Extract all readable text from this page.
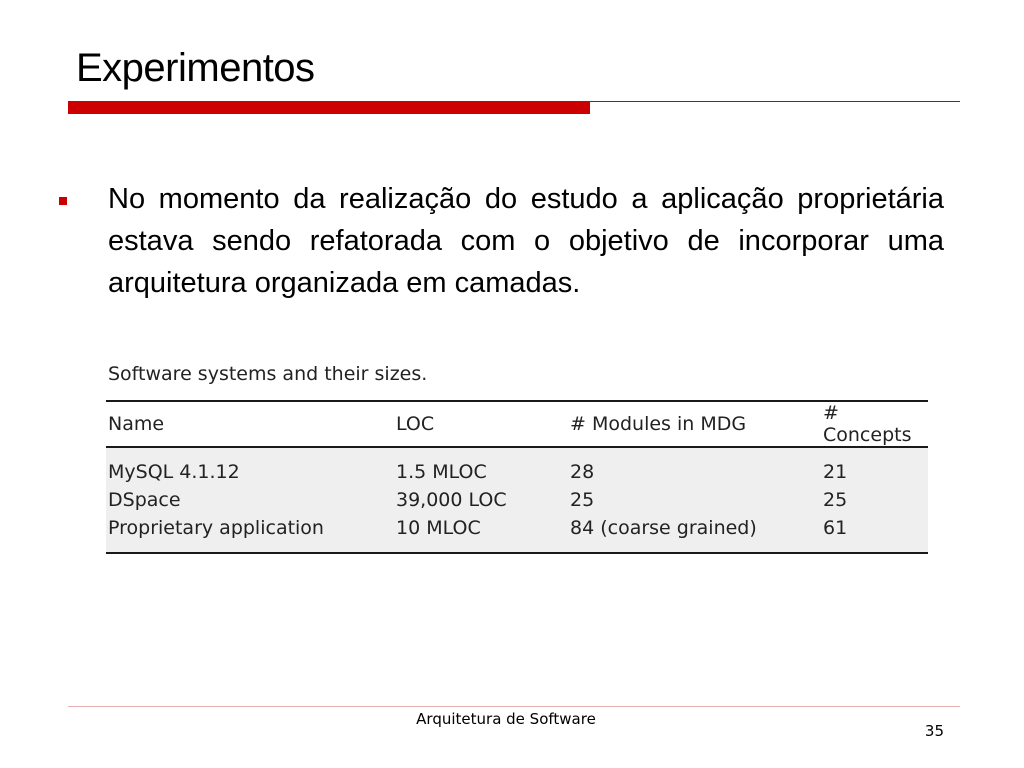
Experimentos
No momento da realização do estudo a aplicação proprietária estava sendo refatorada com o objetivo de incorporar uma arquitetura organizada em camadas.
Software systems and their sizes.
Name	LOC	# Modules in MDG	# Concepts
MySQL 4.1.12	1.5 MLOC	28	21
DSpace	39,000 LOC	25	25
Proprietary application	10 MLOC	84 (coarse grained)	61
Arquitetura de Software
35
